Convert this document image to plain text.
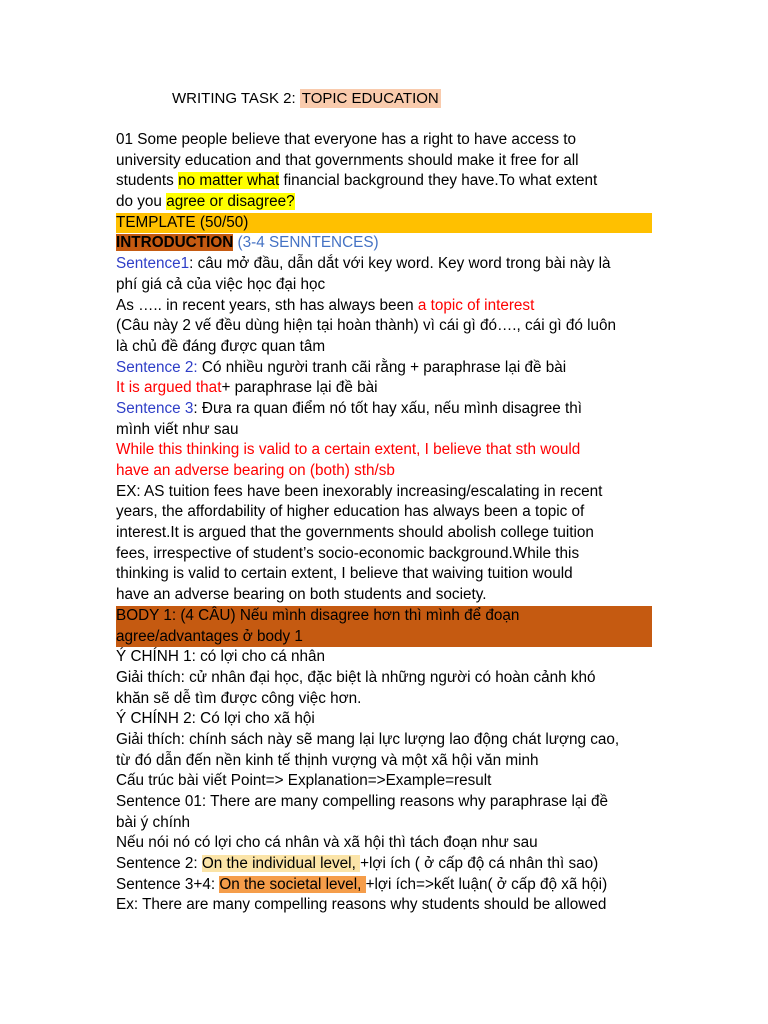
WRITING TASK 2: TOPIC EDUCATION
01 Some people believe that everyone has a right to have access to
university education and that governments should make it free for all
students no matter what financial background they have.To what extent
do you agree or disagree?
TEMPLATE (50/50)
INTRODUCTION (3-4 SENNTENCES)
Sentence1: câu mở đầu, dẫn dắt với key word. Key word trong bài này là
phí giá cả của việc học đại học
As ….. in recent years, sth has always been a topic of interest
(Câu này 2 vế đều dùng hiện tại hoàn thành) vì cái gì đó…., cái gì đó luôn
là chủ đề đáng được quan tâm
Sentence 2: Có nhiều người tranh cãi rằng + paraphrase lại đề bài
It is argued that+ paraphrase lại đề bài
Sentence 3: Đưa ra quan điểm nó tốt hay xấu, nếu mình disagree thì
mình viết như sau
While this thinking is valid to a certain extent, I believe that sth would
have an adverse bearing on (both) sth/sb
EX: AS tuition fees have been inexorably increasing/escalating in recent
years, the affordability of higher education has always been a topic of
interest.It is argued that the governments should abolish college tuition
fees, irrespective of student’s socio-economic background.While this
thinking is valid to certain extent, I believe that waiving tuition would
have an adverse bearing on both students and society.
BODY 1: (4 CÂU) Nếu mình disagree hơn thì mình để đoạn
agree/advantages ở body 1
Ý CHÍNH 1: có lợi cho cá nhân
Giải thích: cử nhân đại học, đặc biệt là những người có hoàn cảnh khó
khăn sẽ dễ tìm được công việc hơn.
Ý CHÍNH 2: Có lợi cho xã hội
Giải thích: chính sách này sẽ mang lại lực lượng lao động chát lượng cao,
từ đó dẫn đến nền kinh tế thịnh vượng và một xã hội văn minh
Cấu trúc bài viết Point=> Explanation=>Example=result
Sentence 01: There are many compelling reasons why paraphrase lại đề
bài ý chính
Nếu nói nó có lợi cho cá nhân và xã hội thì tách đoạn như sau
Sentence 2: On the individual level, +lợi ích ( ở cấp độ cá nhân thì sao)
Sentence 3+4: On the societal level, +lợi ích=>kết luận( ở cấp độ xã hội)
Ex: There are many compelling reasons why students should be allowed
